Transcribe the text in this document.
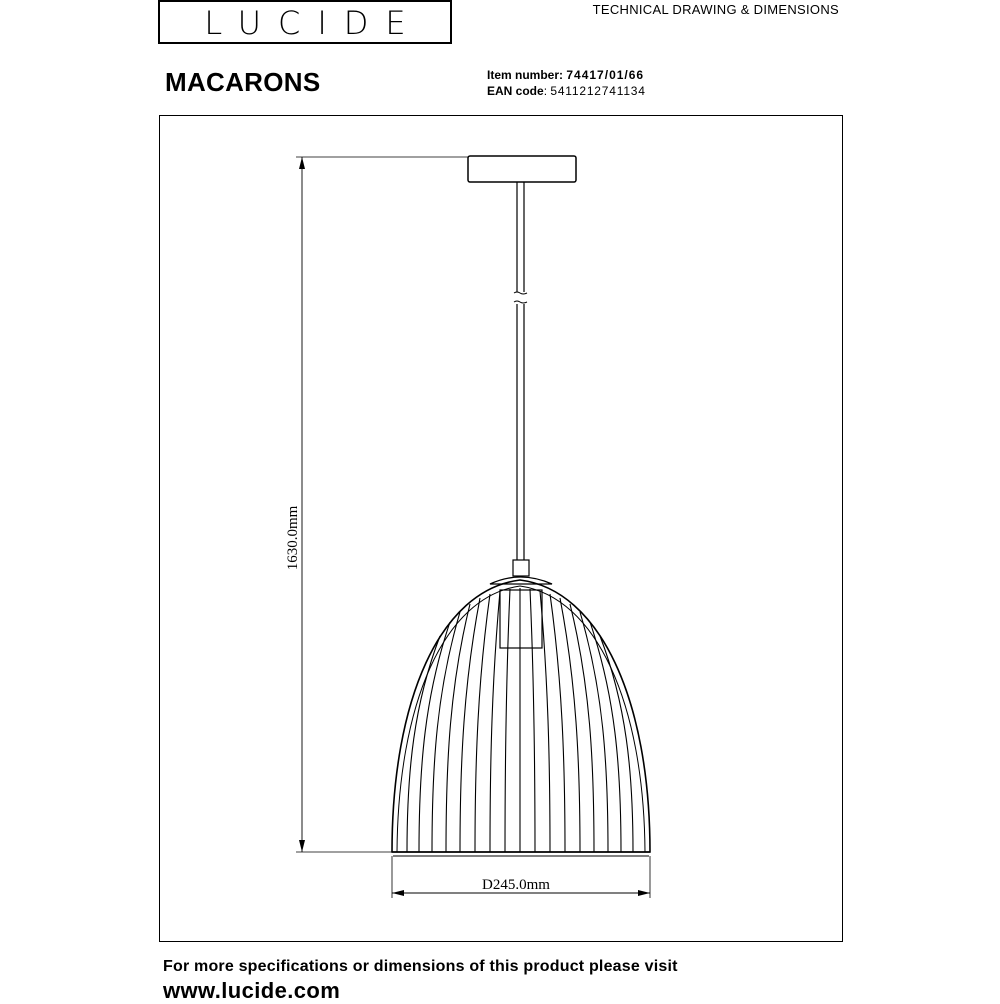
LUCIDE	TECHNICAL DRAWING & DIMENSIONS
MACARONS	Item number: 74417/01/66
EAN code: 5411212741134
1630.0mm
D245.0mm
For more specifications or dimensions of this product please visit
www.lucide.com
